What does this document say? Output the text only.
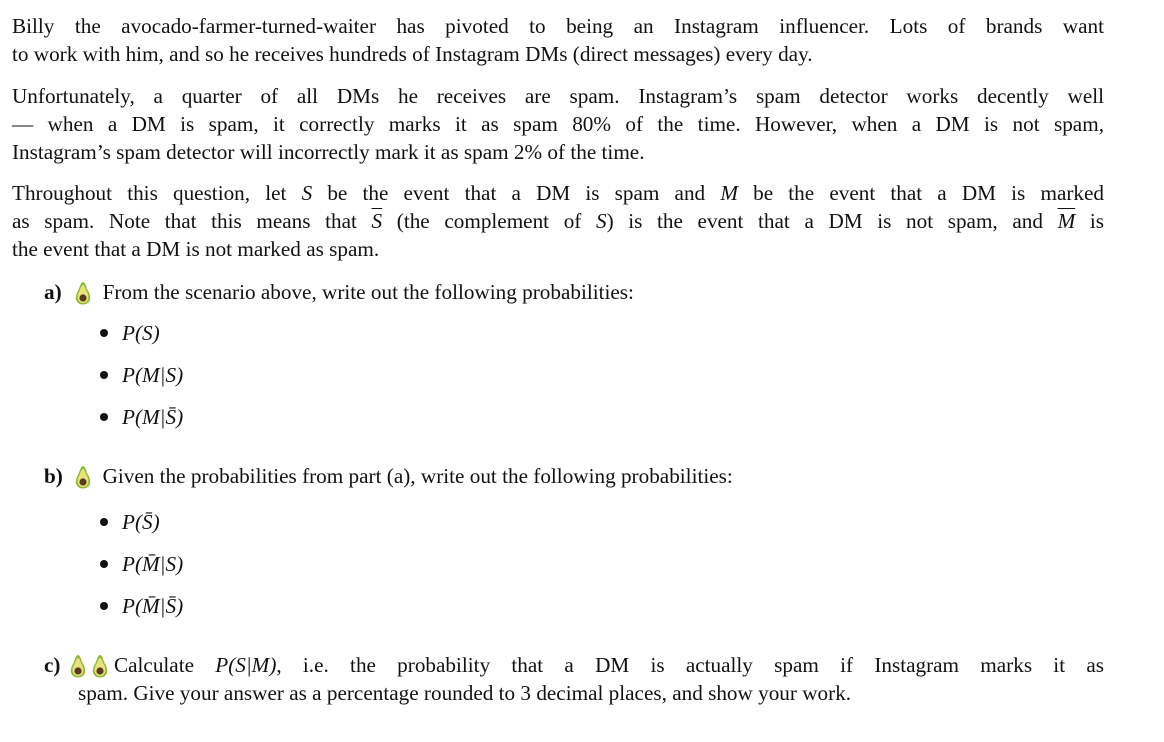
Billy the avocado-farmer-turned-waiter has pivoted to being an Instagram influencer. Lots of brands want
to work with him, and so he receives hundreds of Instagram DMs (direct messages) every day.
Unfortunately, a quarter of all DMs he receives are spam. Instagram’s spam detector works decently well
— when a DM is spam, it correctly marks it as spam 80% of the time. However, when a DM is not spam,
Instagram’s spam detector will incorrectly mark it as spam 2% of the time.
Throughout this question, let S be the event that a DM is spam and M be the event that a DM is marked
as spam. Note that this means that $\overline{S}$ (the complement of S) is the event that a DM is not spam, and $\overline{M}$ is
the event that a DM is not marked as spam.
a) From the scenario above, write out the following probabilities:
P(S)
P(M|S)
P(M|S̄)
b) Given the probabilities from part (a), write out the following probabilities:
P(S̄)
P(M̄|S)
P(M̄|S̄)
c)	Calculate P(S|M), i.e. the probability that a DM is actually spam if Instagram marks it as
spam. Give your answer as a percentage rounded to 3 decimal places, and show your work.
